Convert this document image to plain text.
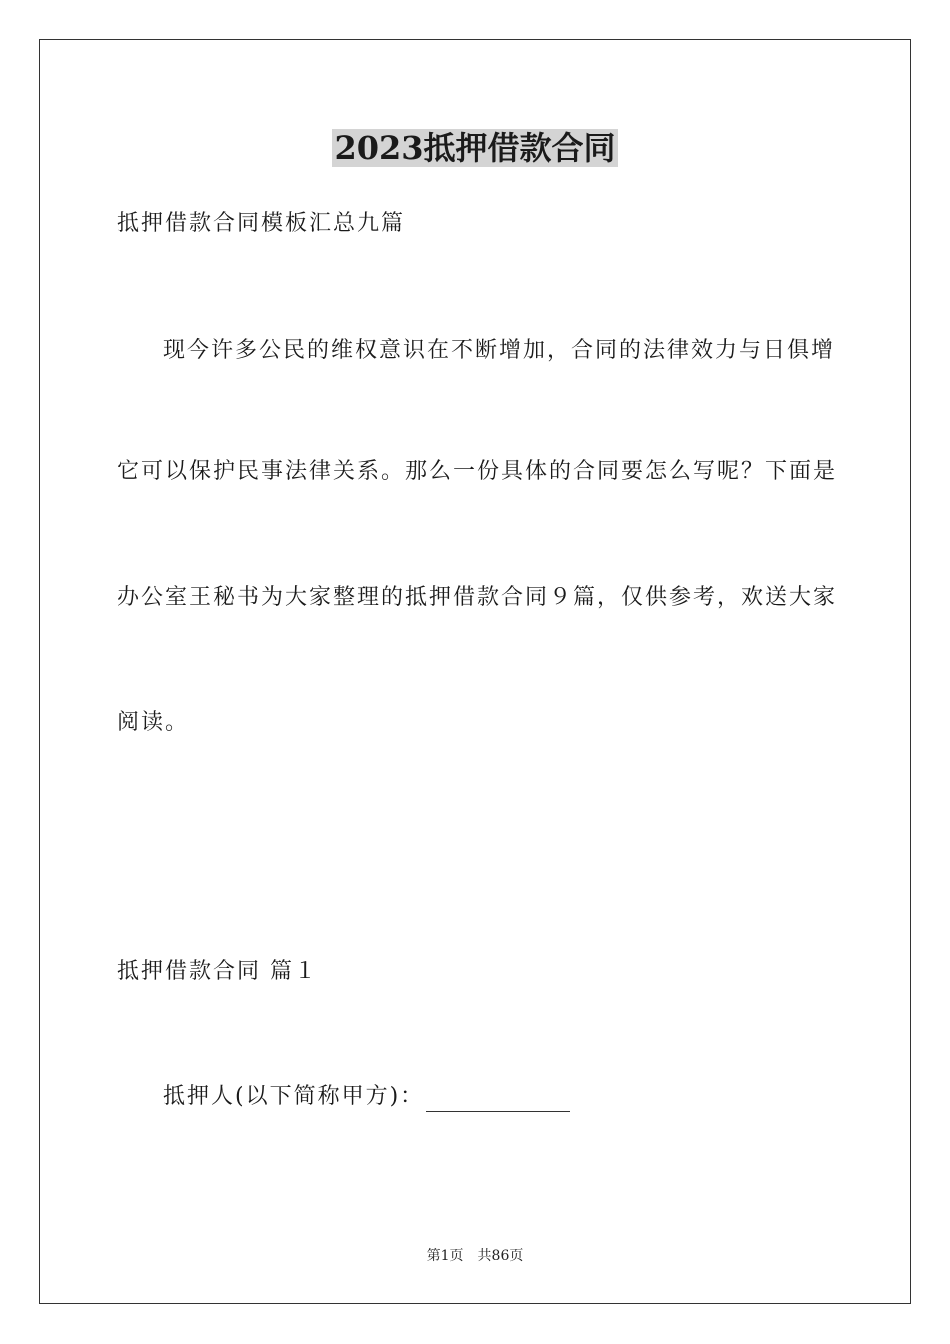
2023抵押借款合同
抵押借款合同模板汇总九篇
现今许多公民的维权意识在不断增加，合同的法律效力与日俱增
它可以保护民事法律关系。那么一份具体的合同要怎么写呢？下面是
办公室王秘书为大家整理的抵押借款合同９篇，仅供参考，欢送大家
阅读。
抵押借款合同 篇１
抵押人(以下简称甲方)：
第1页 共86页
